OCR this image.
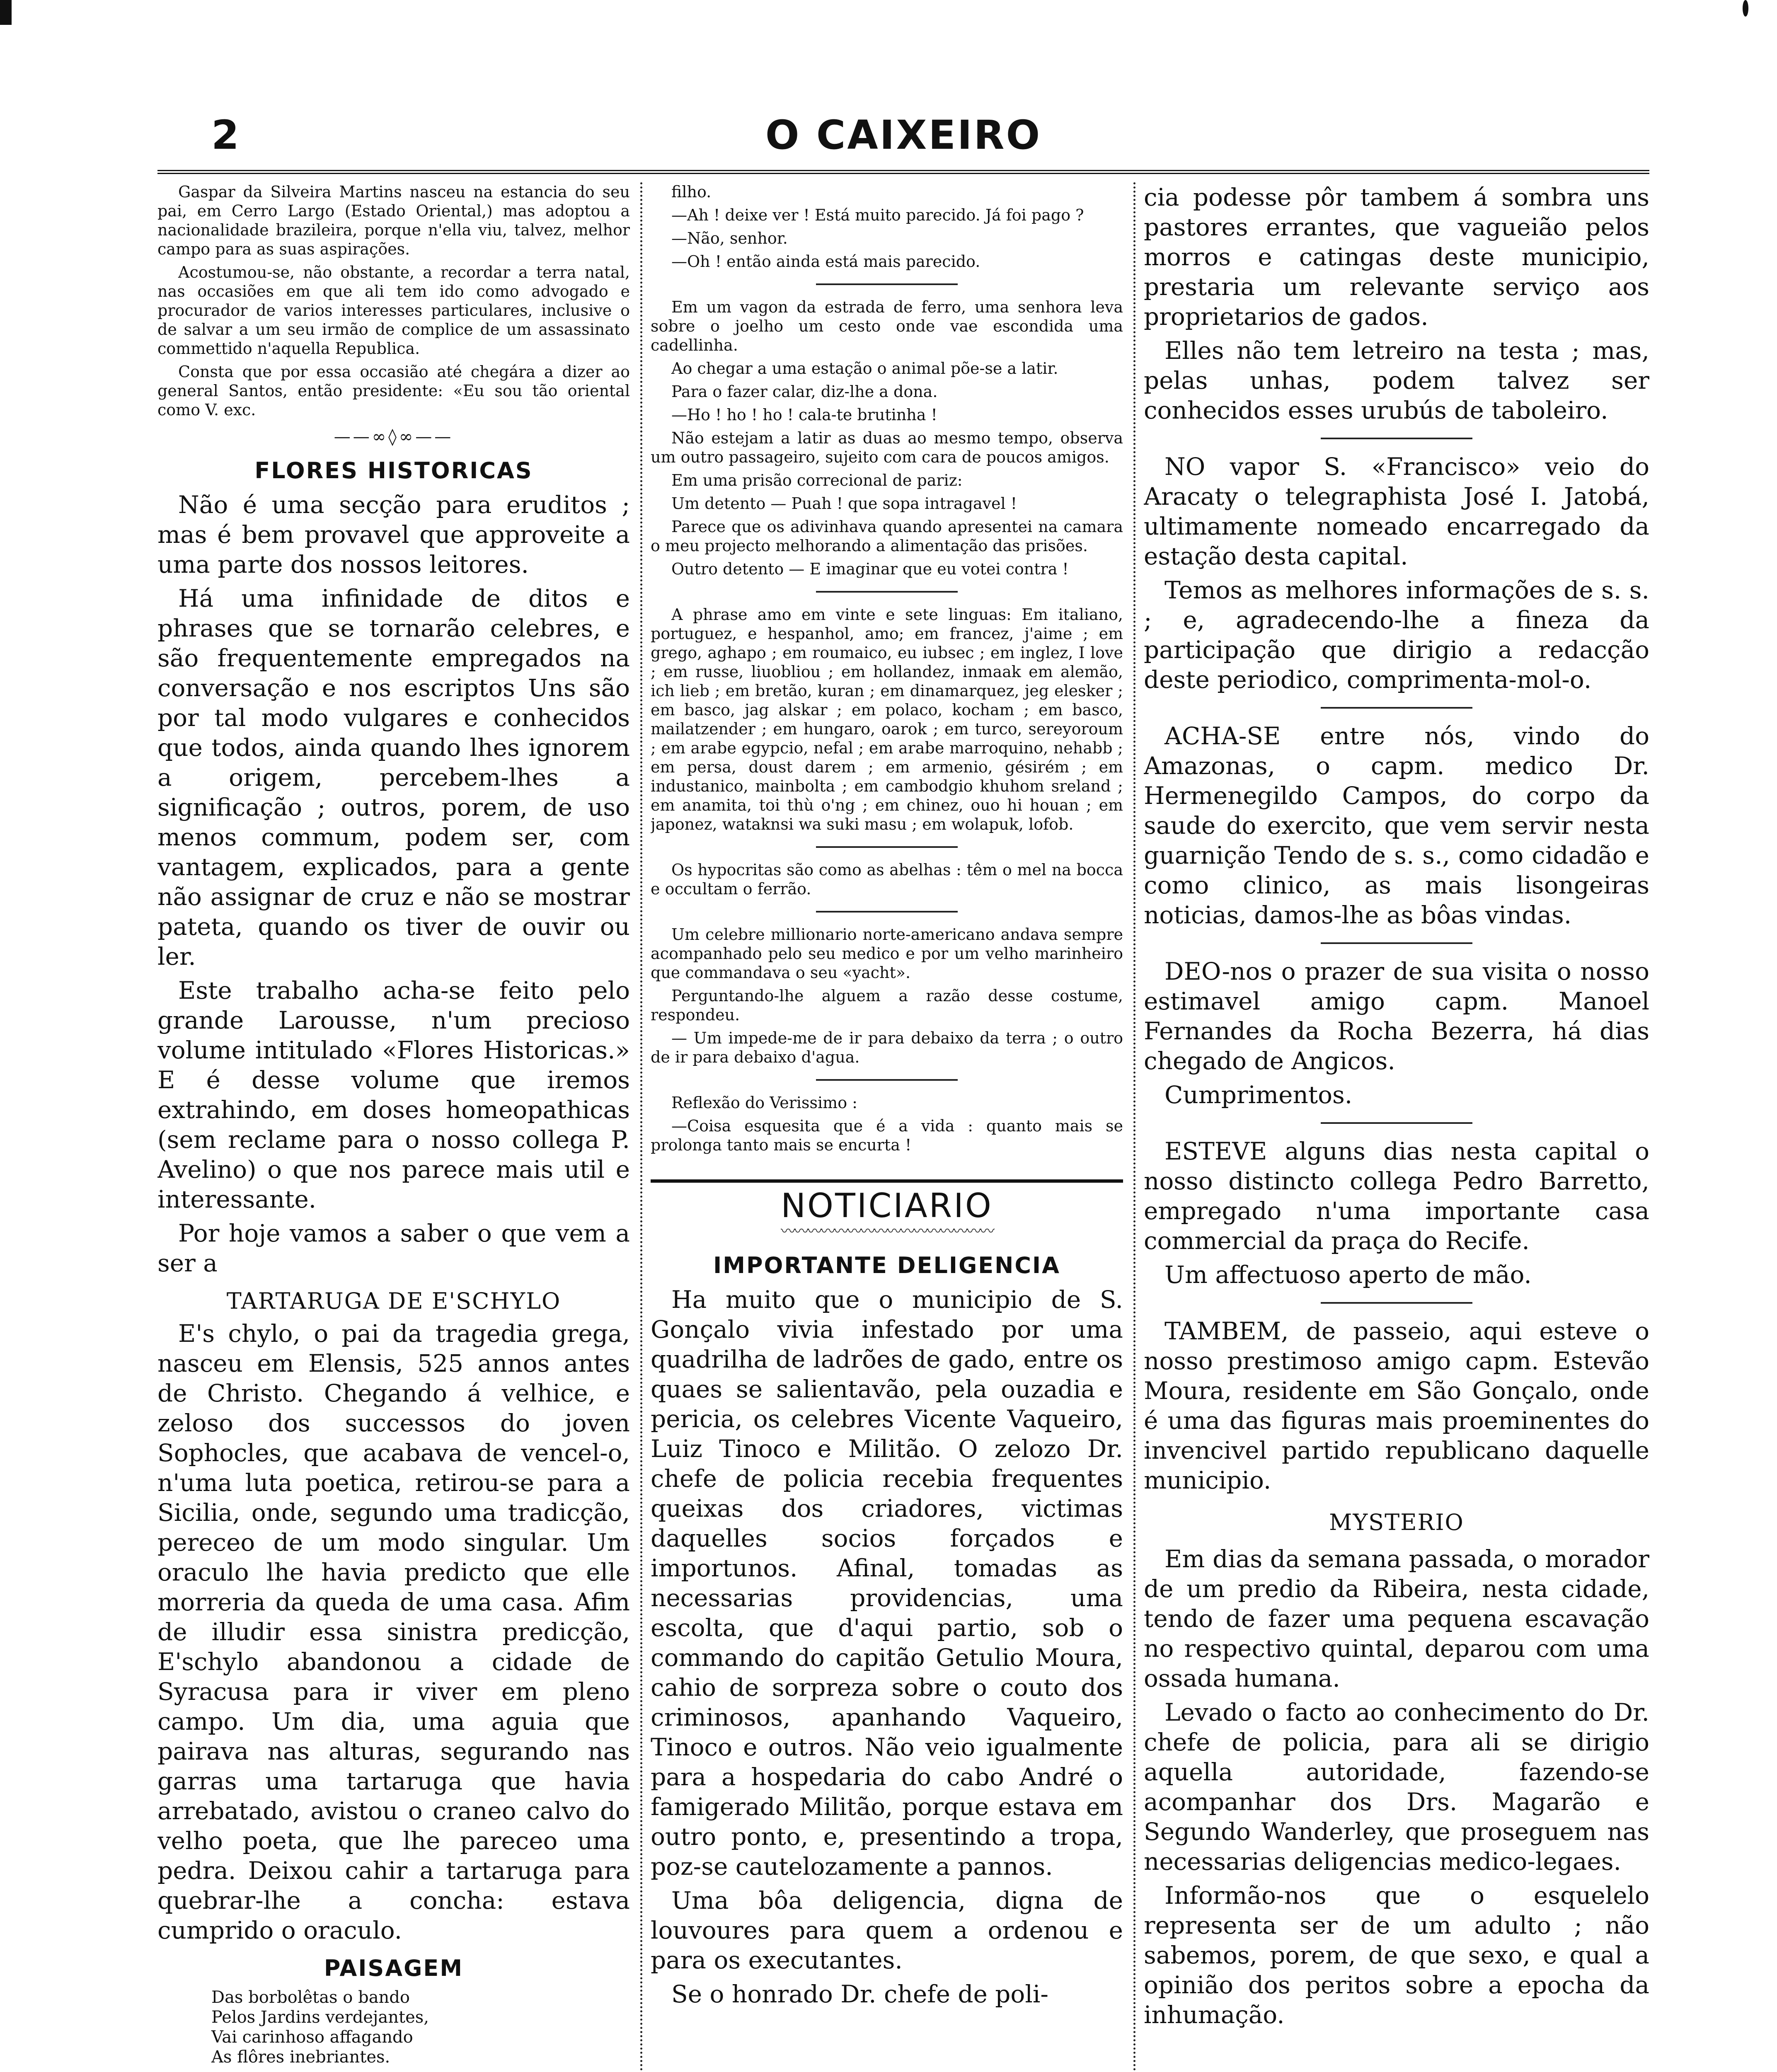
2	O CAIXEIRO

Gaspar da Silveira Martins nasceu na estancia do seu pai, em Cerro Largo (Estado Oriental,) mas adoptou a nacionalidade brazileira, porque n'ella viu, talvez, melhor campo para as suas aspirações.

Acostumou-se, não obstante, a recordar a terra natal, nas occasiões em que ali tem ido como advogado e procurador de varios interesses particulares, inclusive o de salvar a um seu irmão de complice de um assassinato commettido n'aquella Republica.

Consta que por essa occasião até chegára a dizer ao general Santos, então presidente: «Eu sou tão oriental como V. exc.

——∞◊∞——
FLORES HISTORICAS

Não é uma secção para eruditos ; mas é bem provavel que approveite a uma parte dos nossos leitores.

Há uma infinidade de ditos e phrases que se tornarão celebres, e são frequentemente empregados na conversação e nos escriptos Uns são por tal modo vulgares e conhecidos que todos, ainda quando lhes ignorem a origem, percebem-lhes a significação ; outros, porem, de uso menos commum, podem ser, com vantagem, explicados, para a gente não assignar de cruz e não se mostrar pateta, quando os tiver de ouvir ou ler.

Este trabalho acha-se feito pelo grande Larousse, n'um precioso volume intitulado «Flores Historicas.» E é desse volume que iremos extrahindo, em doses homeopathicas (sem reclame para o nosso collega P. Avelino) o que nos parece mais util e interessante.

Por hoje vamos a saber o que vem a ser a

TARTARUGA DE E'SCHYLO

E's chylo, o pai da tragedia grega, nasceu em Elensis, 525 annos antes de Christo. Chegando á velhice, e zeloso dos successos do joven Sophocles, que acabava de vencel-o, n'uma luta poetica, retirou-se para a Sicilia, onde, segundo uma tradicção, pereceo de um modo singular. Um oraculo lhe havia predicto que elle morreria da queda de uma casa. Afim de illudir essa sinistra predicção, E'schylo abandonou a cidade de Syracusa para ir viver em pleno campo. Um dia, uma aguia que pairava nas alturas, segurando nas garras uma tartaruga que havia arrebatado, avistou o craneo calvo do velho poeta, que lhe pareceo uma pedra. Deixou cahir a tartaruga para quebrar-lhe a concha: estava cumprido o oraculo.

PAISAGEM
Das borbolêtas o bando
Pelos Jardins verdejantes,
Vai carinhoso affagando
As flôres inebriantes.

filho.

—Ah ! deixe ver ! Está muito parecido. Já foi pago ?

—Não, senhor.

—Oh ! então ainda está mais parecido.

Em um vagon da estrada de ferro, uma senhora leva sobre o joelho um cesto onde vae escondida uma cadellinha.

Ao chegar a uma estação o animal põe-se a latir.

Para o fazer calar, diz-lhe a dona.

—Ho ! ho ! ho ! cala-te brutinha !

Não estejam a latir as duas ao mesmo tempo, observa um outro passageiro, sujeito com cara de poucos amigos.

Em uma prisão correcional de pariz:

Um detento — Puah ! que sopa intragavel !

Parece que os adivinhava quando apresentei na camara o meu projecto melhorando a alimentação das prisões.

Outro detento — E imaginar que eu votei contra !

A phrase amo em vinte e sete linguas: Em italiano, portuguez, e hespanhol, amo; em francez, j'aime ; em grego, aghapo ; em roumaico, eu iubsec ; em inglez, I love ; em russe, liuobliou ; em hollandez, inmaak em alemão, ich lieb ; em bretão, kuran ; em dinamarquez, jeg elesker ; em basco, jag alskar ; em polaco, kocham ; em basco, mailatzender ; em hungaro, oarok ; em turco, sereyoroum ; em arabe egypcio, nefal ; em arabe marroquino, nehabb ; em persa, doust darem ; em armenio, gésirém ; em industanico, mainbolta ; em cambodgio khuhom sreland ; em anamita, toi thù o'ng ; em chinez, ouo hi houan ; em japonez, wataknsi wa suki masu ; em wolapuk, lofob.

Os hypocritas são como as abelhas : têm o mel na bocca e occultam o ferrão.

Um celebre millionario norte-americano andava sempre acompanhado pelo seu medico e por um velho marinheiro que commandava o seu «yacht».

Perguntando-lhe alguem a razão desse costume, respondeu.

— Um impede-me de ir para debaixo da terra ; o outro de ir para debaixo d'agua.

Reflexão do Verissimo :

—Coisa esquesita que é a vida : quanto mais se prolonga tanto mais se encurta !

NOTICIARIO
〰〰〰〰〰〰〰〰〰〰〰〰〰〰〰〰
IMPORTANTE DELIGENCIA

Ha muito que o municipio de S. Gonçalo vivia infestado por uma quadrilha de ladrões de gado, entre os quaes se salientavão, pela ouzadia e pericia, os celebres Vicente Vaqueiro, Luiz Tinoco e Militão. O zelozo Dr. chefe de policia recebia frequentes queixas dos criadores, victimas daquelles socios forçados e importunos. Afinal, tomadas as necessarias providencias, uma escolta, que d'aqui partio, sob o commando do capitão Getulio Moura, cahio de sorpreza sobre o couto dos criminosos, apanhando Vaqueiro, Tinoco e outros. Não veio igualmente para a hospedaria do cabo André o famigerado Militão, porque estava em outro ponto, e, presentindo a tropa, poz-se cautelozamente a pannos.

Uma bôa deligencia, digna de louvoures para quem a ordenou e para os executantes.

Se o honrado Dr. chefe de poli-

cia podesse pôr tambem á sombra uns pastores errantes, que vagueião pelos morros e catingas deste municipio, prestaria um relevante serviço aos proprietarios de gados.

Elles não tem letreiro na testa ; mas, pelas unhas, podem talvez ser conhecidos esses urubús de taboleiro.

NO vapor S. «Francisco» veio do Aracaty o telegraphista José I. Jatobá, ultimamente nomeado encarregado da estação desta capital.

Temos as melhores informações de s. s. ; e, agradecendo-lhe a fineza da participação que dirigio a redacção deste periodico, comprimenta-mol-o.

ACHA-SE entre nós, vindo do Amazonas, o capm. medico Dr. Hermenegildo Campos, do corpo da saude do exercito, que vem servir nesta guarnição Tendo de s. s., como cidadão e como clinico, as mais lisongeiras noticias, damos-lhe as bôas vindas.

DEO-nos o prazer de sua visita o nosso estimavel amigo capm. Manoel Fernandes da Rocha Bezerra, há dias chegado de Angicos.

Cumprimentos.

ESTEVE alguns dias nesta capital o nosso distincto collega Pedro Barretto, empregado n'uma importante casa commercial da praça do Recife.

Um affectuoso aperto de mão.

TAMBEM, de passeio, aqui esteve o nosso prestimoso amigo capm. Estevão Moura, residente em São Gonçalo, onde é uma das figuras mais proeminentes do invencivel partido republicano daquelle municipio.

MYSTERIO

Em dias da semana passada, o morador de um predio da Ribeira, nesta cidade, tendo de fazer uma pequena escavação no respectivo quintal, deparou com uma ossada humana.

Levado o facto ao conhecimento do Dr. chefe de policia, para ali se dirigio aquella autoridade, fazendo-se acompanhar dos Drs. Magarão e Segundo Wanderley, que proseguem nas necessarias deligencias medico-legaes.

Informão-nos que o esquelelo representa ser de um adulto ; não sabemos, porem, de que sexo, e qual a opinião dos peritos sobre a epocha da inhumação.
